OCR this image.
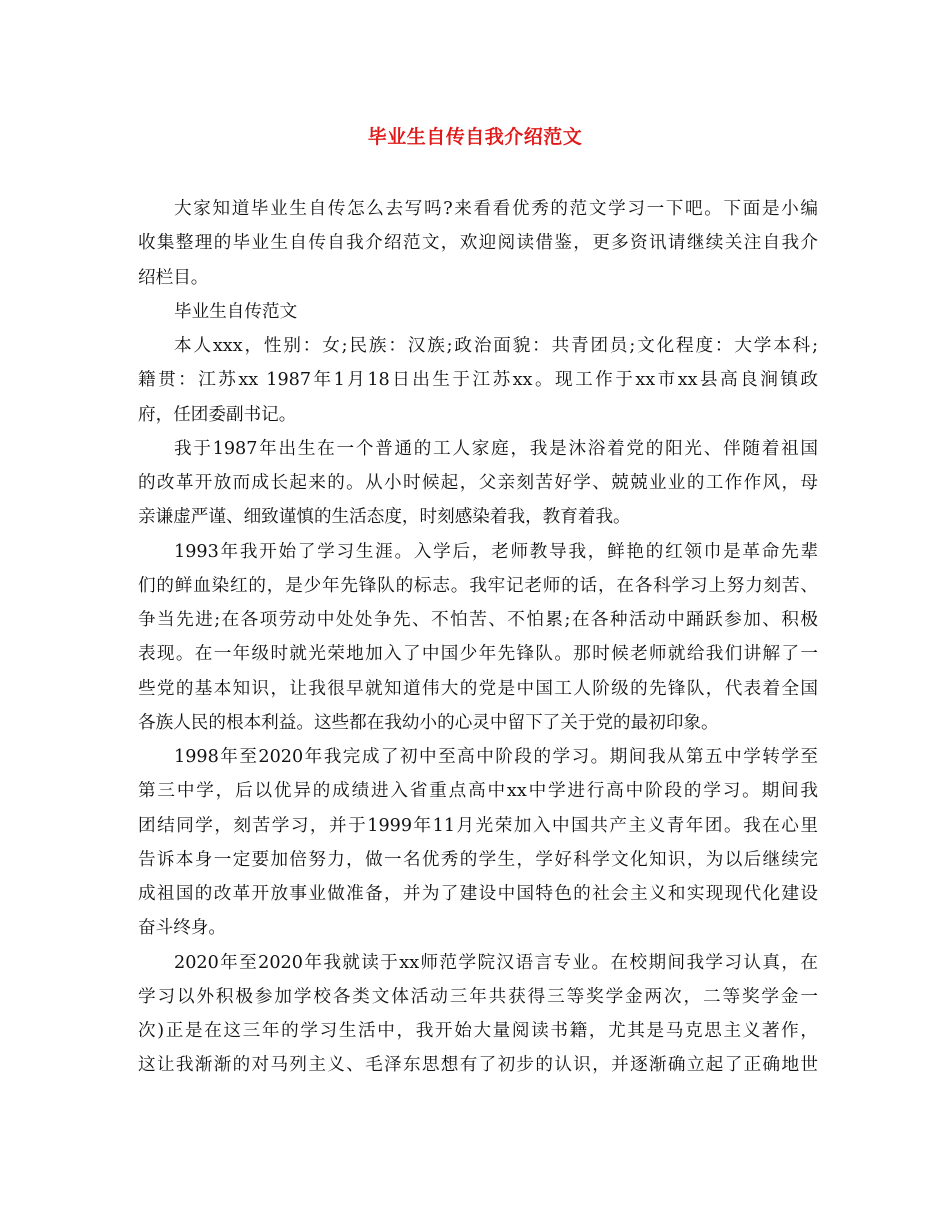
毕业生自传自我介绍范文
大家知道毕业生自传怎么去写吗?来看看优秀的范文学习一下吧。下面是小编
收集整理的毕业生自传自我介绍范文，欢迎阅读借鉴，更多资讯请继续关注自我介
绍栏目。
毕业生自传范文
本人xxx，性别：女;民族：汉族;政治面貌：共青团员;文化程度：大学本科;
籍贯：江苏xx 1987年1月18日出生于江苏xx。现工作于xx市xx县高良涧镇政
府，任团委副书记。
我于1987年出生在一个普通的工人家庭，我是沐浴着党的阳光、伴随着祖国
的改革开放而成长起来的。从小时候起，父亲刻苦好学、兢兢业业的工作作风，母
亲谦虚严谨、细致谨慎的生活态度，时刻感染着我，教育着我。
1993年我开始了学习生涯。入学后，老师教导我，鲜艳的红领巾是革命先辈
们的鲜血染红的，是少年先锋队的标志。我牢记老师的话，在各科学习上努力刻苦、
争当先进;在各项劳动中处处争先、不怕苦、不怕累;在各种活动中踊跃参加、积极
表现。在一年级时就光荣地加入了中国少年先锋队。那时候老师就给我们讲解了一
些党的基本知识，让我很早就知道伟大的党是中国工人阶级的先锋队，代表着全国
各族人民的根本利益。这些都在我幼小的心灵中留下了关于党的最初印象。
1998年至2020年我完成了初中至高中阶段的学习。期间我从第五中学转学至
第三中学，后以优异的成绩进入省重点高中xx中学进行高中阶段的学习。期间我
团结同学，刻苦学习，并于1999年11月光荣加入中国共产主义青年团。我在心里
告诉本身一定要加倍努力，做一名优秀的学生，学好科学文化知识，为以后继续完
成祖国的改革开放事业做准备，并为了建设中国特色的社会主义和实现现代化建设
奋斗终身。
2020年至2020年我就读于xx师范学院汉语言专业。在校期间我学习认真，在
学习以外积极参加学校各类文体活动三年共获得三等奖学金两次，二等奖学金一
次)正是在这三年的学习生活中，我开始大量阅读书籍，尤其是马克思主义著作，
这让我渐渐的对马列主义、毛泽东思想有了初步的认识，并逐渐确立起了正确地世
